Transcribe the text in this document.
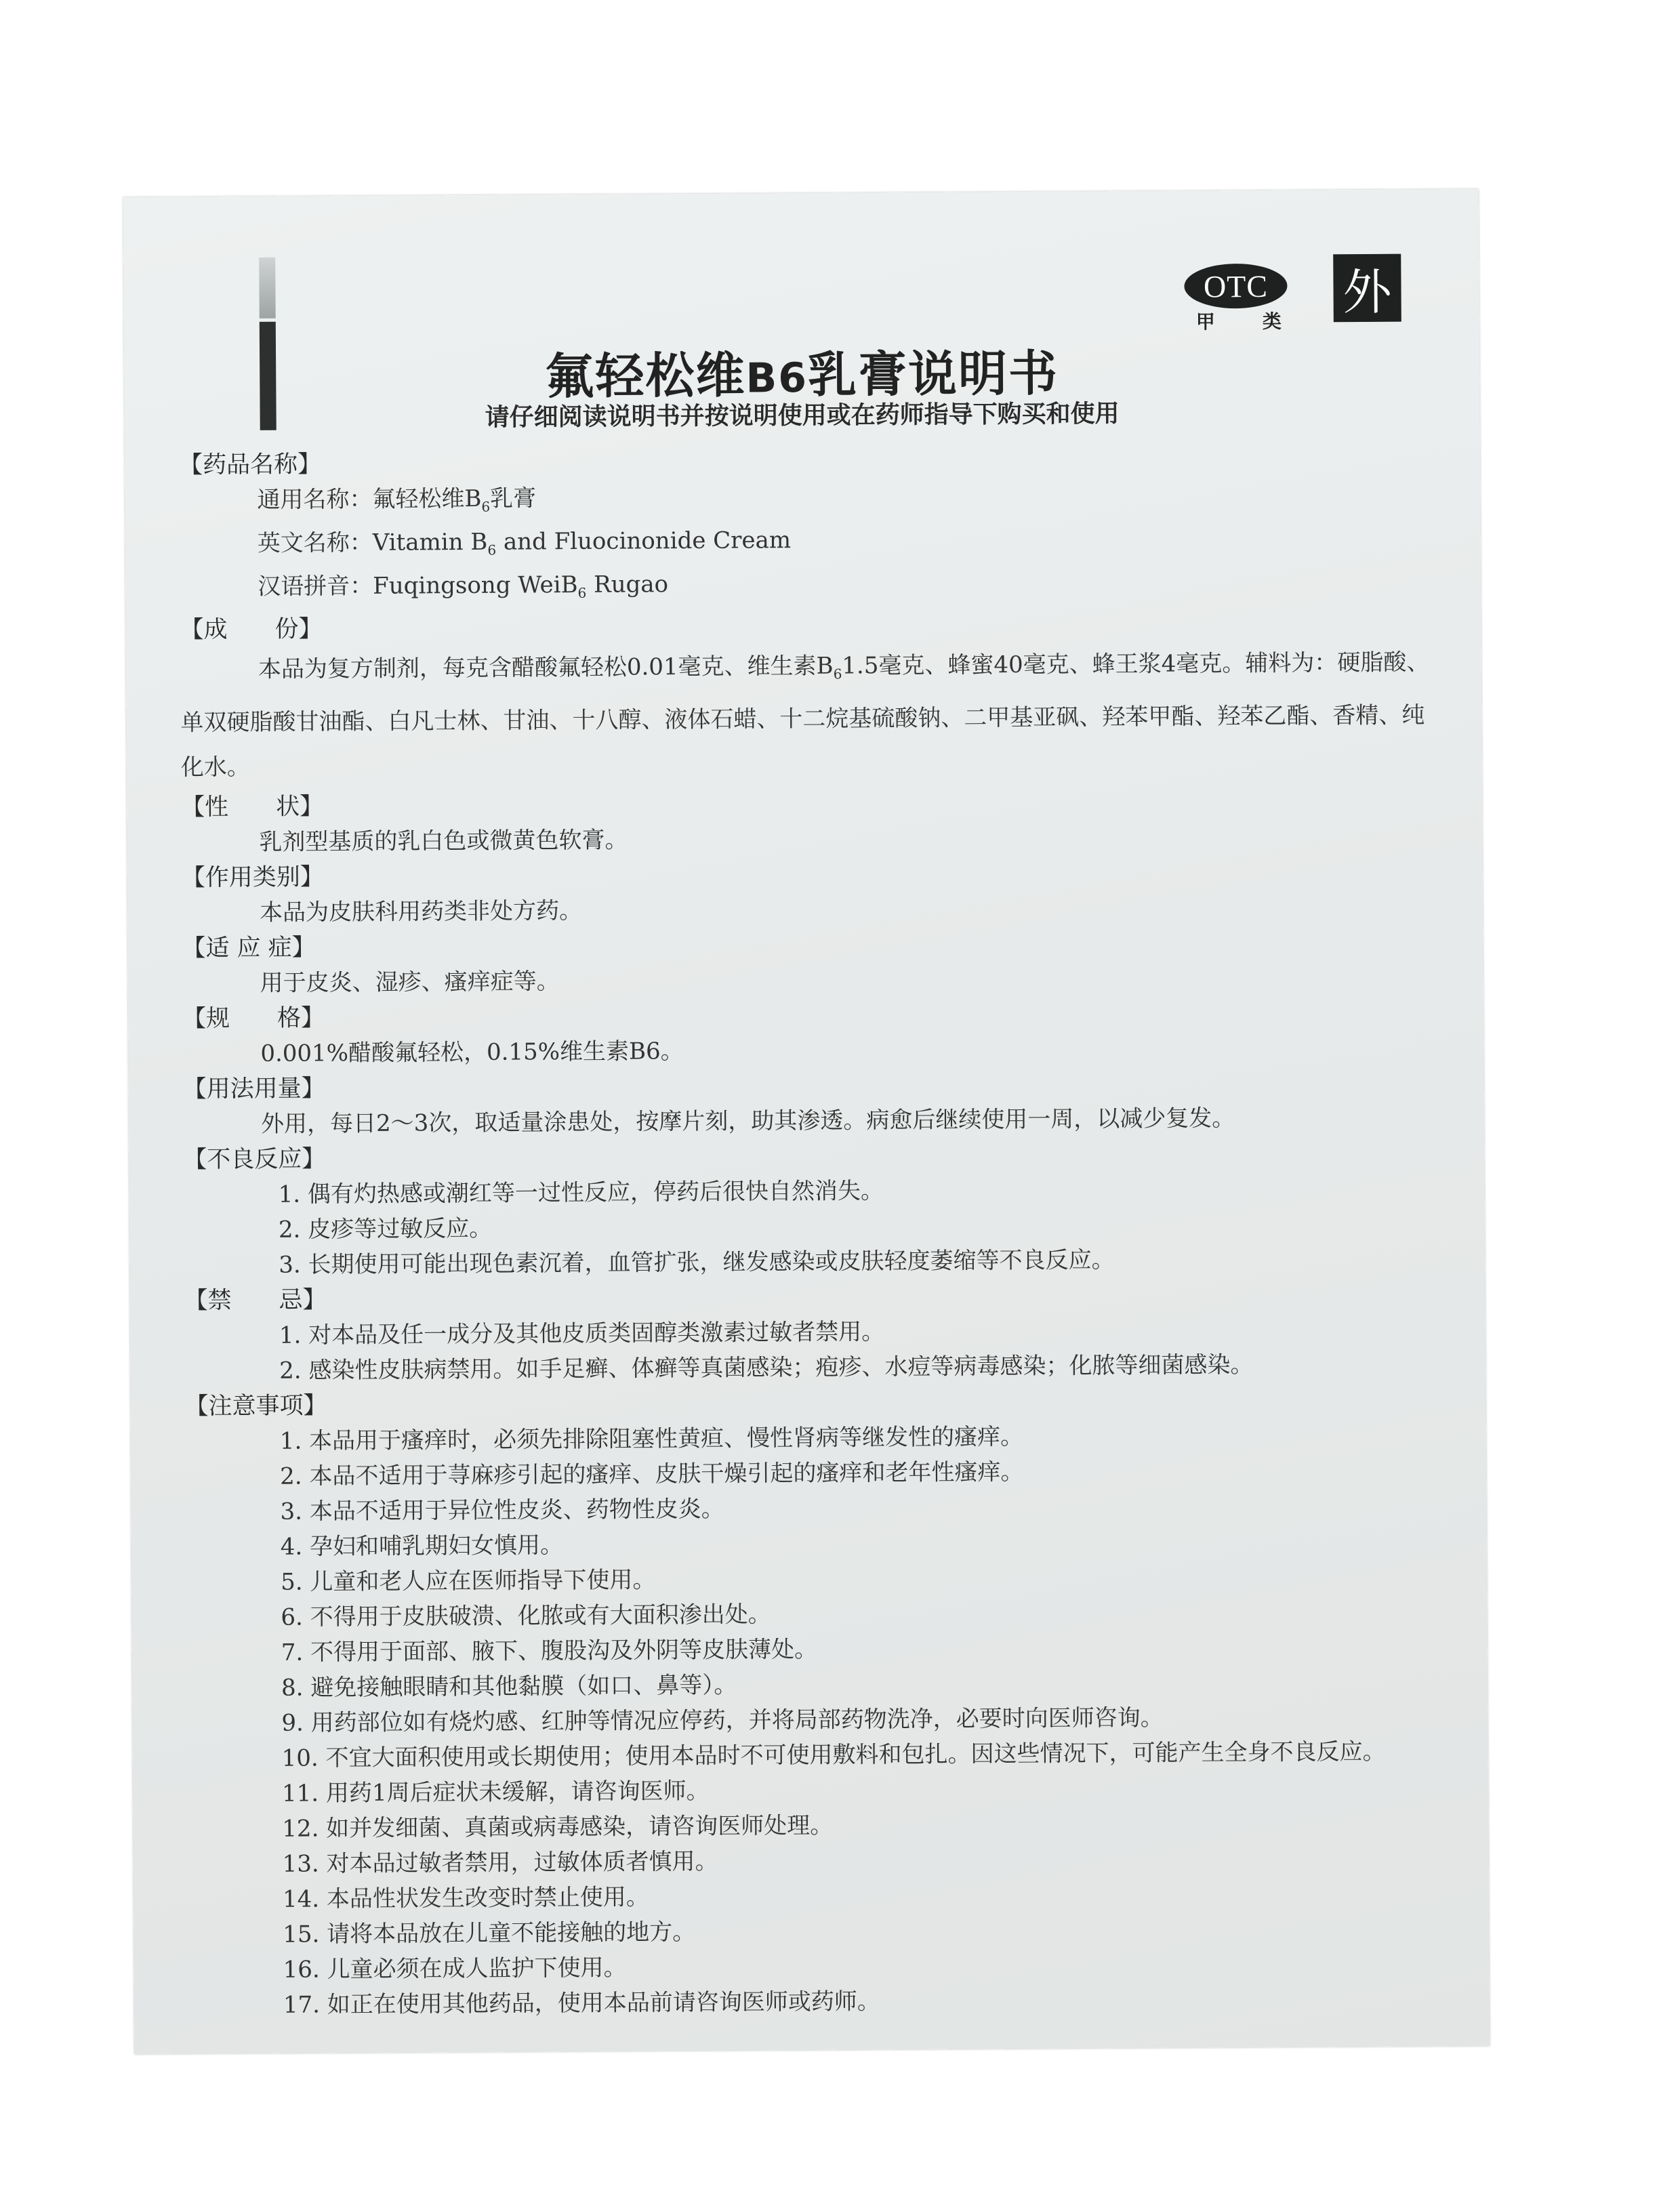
OTC
甲 类
外
氟轻松维B6乳膏说明书
请仔细阅读说明书并按说明使用或在药师指导下购买和使用
【药品名称】
通用名称：氟轻松维$B_6$乳膏
英文名称：Vitamin $B_6$ and Fluocinonide Cream
汉语拼音：Fuqingsong WeiB$_6$ Rugao
【成　　份】
本品为复方制剂，每克含醋酸氟轻松0.01毫克、维生素$B_61.5$毫克、蜂蜜40毫克、蜂王浆4毫克。辅料为：硬脂酸、单双硬脂酸甘油酯、白凡士林、甘油、十八醇、液体石蜡、十二烷基硫酸钠、二甲基亚砜、羟苯甲酯、羟苯乙酯、香精、纯化水。
【性　　状】
乳剂型基质的乳白色或微黄色软膏。
【作用类别】
本品为皮肤科用药类非处方药。
【适 应 症】
用于皮炎、湿疹、瘙痒症等。
【规　　格】
0.001%醋酸氟轻松，0.15%维生素B6。
【用法用量】
外用，每日2～3次，取适量涂患处，按摩片刻，助其渗透。病愈后继续使用一周，以减少复发。
【不良反应】
1. 偶有灼热感或潮红等一过性反应，停药后很快自然消失。
2. 皮疹等过敏反应。
3. 长期使用可能出现色素沉着，血管扩张，继发感染或皮肤轻度萎缩等不良反应。
【禁　　忌】
1. 对本品及任一成分及其他皮质类固醇类激素过敏者禁用。
2. 感染性皮肤病禁用。如手足癣、体癣等真菌感染；疱疹、水痘等病毒感染；化脓等细菌感染。
【注意事项】
1. 本品用于瘙痒时，必须先排除阻塞性黄疸、慢性肾病等继发性的瘙痒。
2. 本品不适用于荨麻疹引起的瘙痒、皮肤干燥引起的瘙痒和老年性瘙痒。
3. 本品不适用于异位性皮炎、药物性皮炎。
4. 孕妇和哺乳期妇女慎用。
5. 儿童和老人应在医师指导下使用。
6. 不得用于皮肤破溃、化脓或有大面积渗出处。
7. 不得用于面部、腋下、腹股沟及外阴等皮肤薄处。
8. 避免接触眼睛和其他黏膜（如口、鼻等）。
9. 用药部位如有烧灼感、红肿等情况应停药，并将局部药物洗净，必要时向医师咨询。
10. 不宜大面积使用或长期使用；使用本品时不可使用敷料和包扎。因这些情况下，可能产生全身不良反应。
11. 用药1周后症状未缓解，请咨询医师。
12. 如并发细菌、真菌或病毒感染，请咨询医师处理。
13. 对本品过敏者禁用，过敏体质者慎用。
14. 本品性状发生改变时禁止使用。
15. 请将本品放在儿童不能接触的地方。
16. 儿童必须在成人监护下使用。
17. 如正在使用其他药品，使用本品前请咨询医师或药师。
